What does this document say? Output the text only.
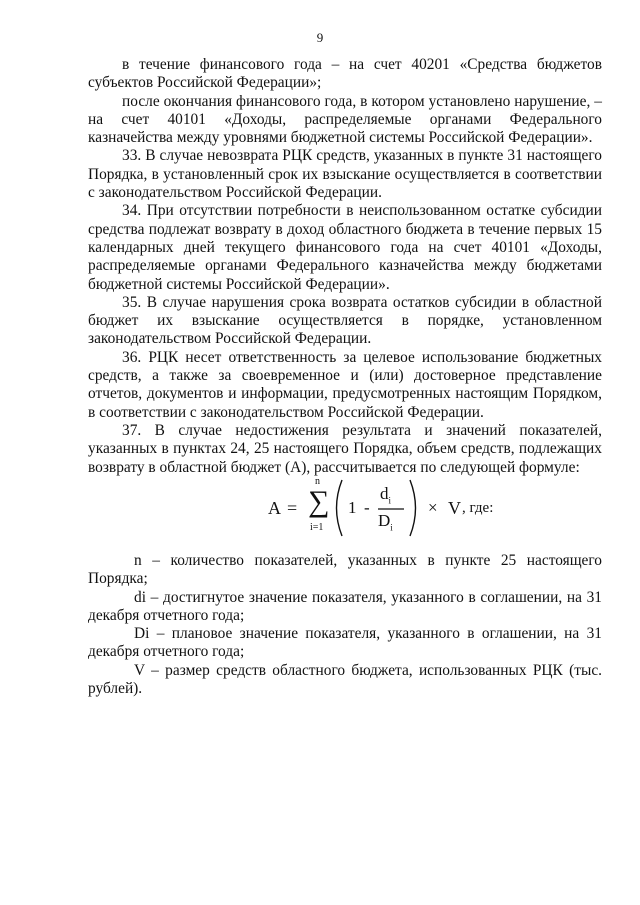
9

в течение финансового года – на счет 40201 «Средства бюджетов субъектов Российской Федерации»;

после окончания финансового года, в котором установлено нарушение, – на счет 40101 «Доходы, распределяемые органами Федерального казначейства между уровнями бюджетной системы Российской Федерации».

33. В случае невозврата РЦК средств, указанных в пункте 31 настоящего Порядка, в установленный срок их взыскание осуществляется в соответствии с законодательством Российской Федерации.

34. При отсутствии потребности в неиспользованном остатке субсидии средства подлежат возврату в доход областного бюджета в течение первых 15 календарных дней текущего финансового года на счет 40101 «Доходы, распределяемые органами Федерального казначейства между бюджетами бюджетной системы Российской Федерации».

35. В случае нарушения срока возврата остатков субсидии в областной бюджет их взыскание осуществляется в порядке, установленном законодательством Российской Федерации.

36. РЦК несет ответственность за целевое использование бюджетных средств, а также за своевременное и (или) достоверное представление отчетов, документов и информации, предусмотренных настоящим Порядком, в соответствии с законодательством Российской Федерации.

37. В случае недостижения результата и значений показателей, указанных в пунктах 24, 25 настоящего Порядка, объем средств, подлежащих возврату в областной бюджет (А), рассчитывается по следующей формуле:

A =
n
∑
i=1
1 -
$d_i$
$D_i$
× V , где:

n – количество показателей, указанных в пункте 25 настоящего Порядка;

di – достигнутое значение показателя, указанного в соглашении, на 31 декабря отчетного года;

Di – плановое значение показателя, указанного в оглашении, на 31 декабря отчетного года;

V – размер средств областного бюджета, использованных РЦК (тыс. рублей).
